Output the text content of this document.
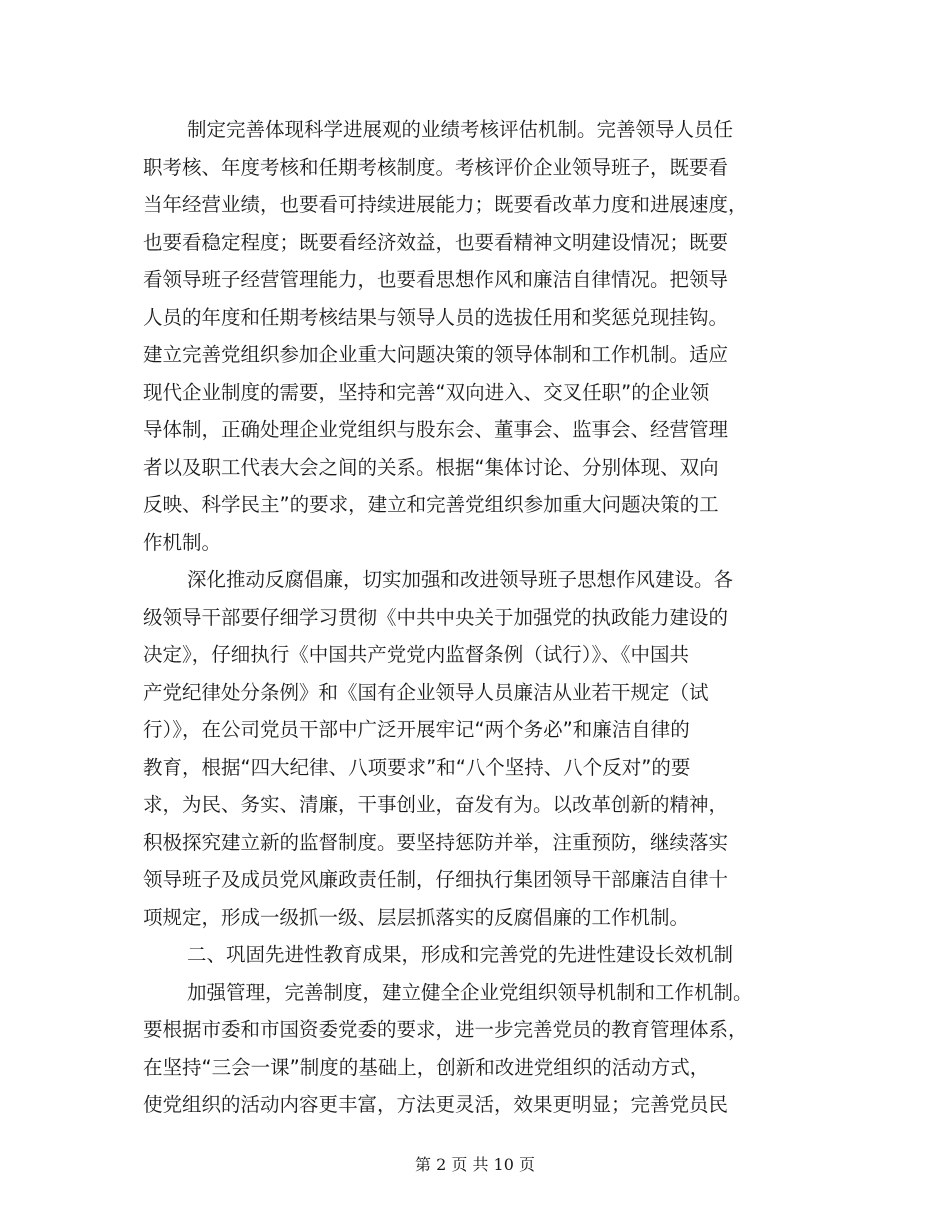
制定完善体现科学进展观的业绩考核评估机制。完善领导人员任
职考核、年度考核和任期考核制度。考核评价企业领导班子，既要看
当年经营业绩，也要看可持续进展能力；既要看改革力度和进展速度，
也要看稳定程度；既要看经济效益，也要看精神文明建设情况；既要
看领导班子经营管理能力，也要看思想作风和廉洁自律情况。把领导
人员的年度和任期考核结果与领导人员的选拔任用和奖惩兑现挂钩。
建立完善党组织参加企业重大问题决策的领导体制和工作机制。适应
现代企业制度的需要，坚持和完善“双向进入、交叉任职”的企业领
导体制，正确处理企业党组织与股东会、董事会、监事会、经营管理
者以及职工代表大会之间的关系。根据“集体讨论、分别体现、双向
反映、科学民主”的要求，建立和完善党组织参加重大问题决策的工
作机制。
深化推动反腐倡廉，切实加强和改进领导班子思想作风建设。各
级领导干部要仔细学习贯彻《中共中央关于加强党的执政能力建设的
决定》，仔细执行《中国共产党党内监督条例（试行）》、《中国共
产党纪律处分条例》和《国有企业领导人员廉洁从业若干规定（试
行）》，在公司党员干部中广泛开展牢记“两个务必”和廉洁自律的
教育，根据“四大纪律、八项要求”和“八个坚持、八个反对”的要
求，为民、务实、清廉，干事创业，奋发有为。以改革创新的精神，
积极探究建立新的监督制度。要坚持惩防并举，注重预防，继续落实
领导班子及成员党风廉政责任制，仔细执行集团领导干部廉洁自律十
项规定，形成一级抓一级、层层抓落实的反腐倡廉的工作机制。
二、巩固先进性教育成果，形成和完善党的先进性建设长效机制
加强管理，完善制度，建立健全企业党组织领导机制和工作机制。
要根据市委和市国资委党委的要求，进一步完善党员的教育管理体系，
在坚持“三会一课”制度的基础上，创新和改进党组织的活动方式，
使党组织的活动内容更丰富，方法更灵活，效果更明显；完善党员民
第 2 页 共 10 页
